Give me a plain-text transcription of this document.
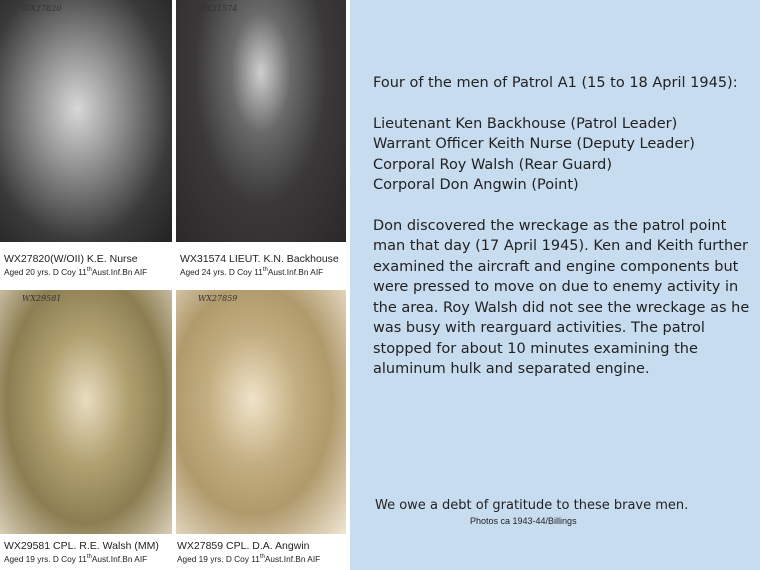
WX27820	WX31574
WX29581	WX27859
WX27820(W/OII) K.E. Nurse
Aged 20 yrs. D Coy 11thAust.Inf.Bn AIF
WX31574 LIEUT. K.N. Backhouse
Aged 24 yrs. D Coy 11thAust.Inf.Bn AIF
WX29581 CPL. R.E. Walsh (MM)
Aged 19 yrs. D Coy 11thAust.Inf.Bn AIF
WX27859 CPL. D.A. Angwin
Aged 19 yrs. D Coy 11thAust.Inf.Bn AIF

Four of the men of Patrol A1 (15 to 18 April 1945):

Lieutenant Ken Backhouse (Patrol Leader)
Warrant Officer Keith Nurse (Deputy Leader)
Corporal Roy Walsh (Rear Guard)
Corporal Don Angwin (Point)

Don discovered the wreckage as the patrol point man that day (17 April 1945). Ken and Keith further examined the aircraft and engine components but were pressed to move on due to enemy activity in the area. Roy Walsh did not see the wreckage as he was busy with rearguard activities. The patrol stopped for about 10 minutes examining the aluminum hulk and separated engine.

We owe a debt of gratitude to these brave men.
Photos ca 1943-44/Billings
